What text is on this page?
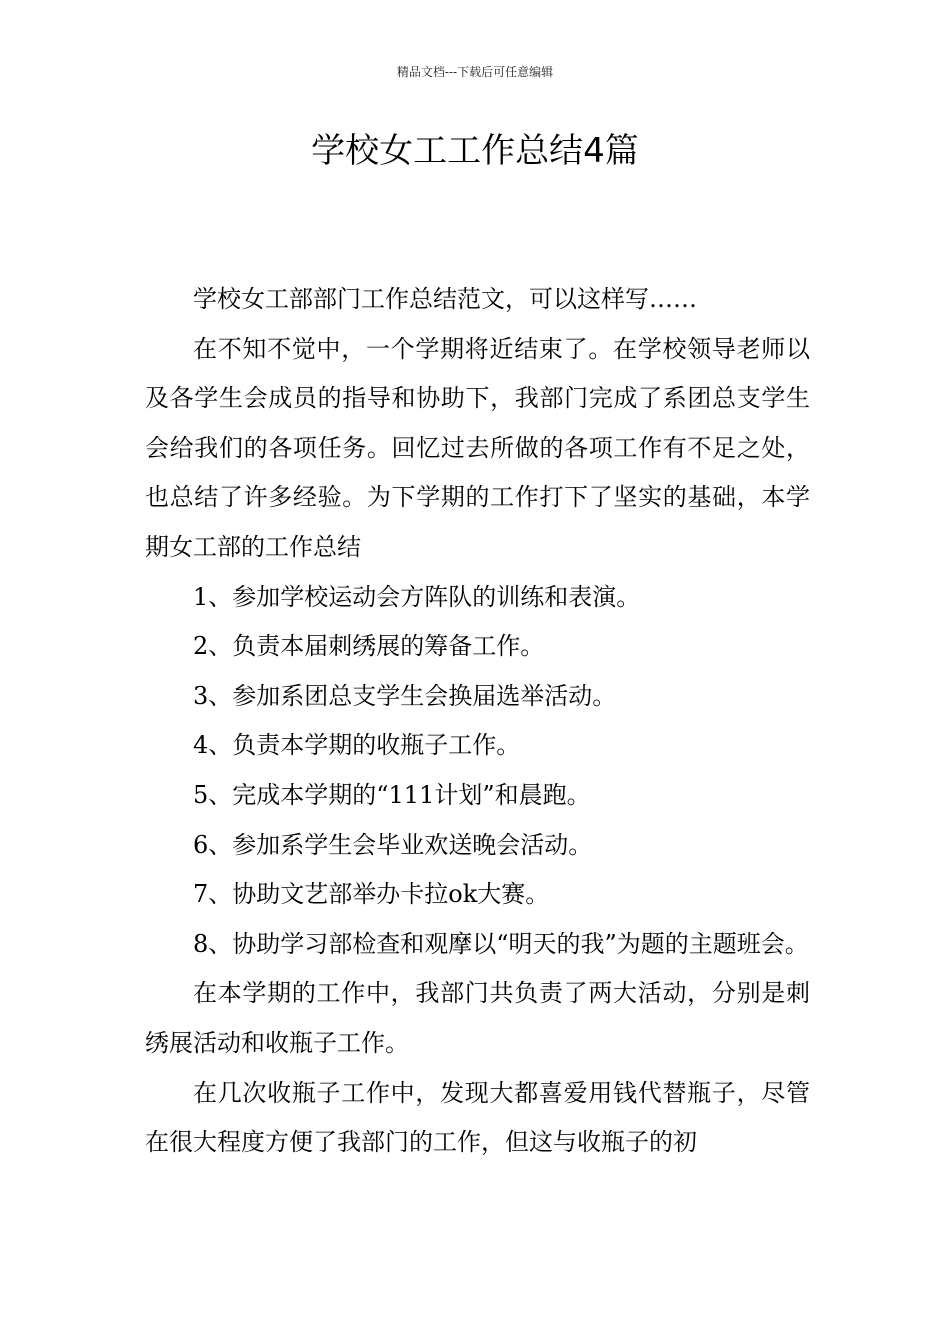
精品文档---下载后可任意编辑
学校女工工作总结4篇

学校女工部部门工作总结范文，可以这样写……

在不知不觉中，一个学期将近结束了。在学校领导老师以及各学生会成员的指导和协助下，我部门完成了系团总支学生会给我们的各项任务。回忆过去所做的各项工作有不足之处，也总结了许多经验。为下学期的工作打下了坚实的基础，本学期女工部的工作总结

1、参加学校运动会方阵队的训练和表演。

2、负责本届刺绣展的筹备工作。

3、参加系团总支学生会换届选举活动。

4、负责本学期的收瓶子工作。

5、完成本学期的“111计划”和晨跑。

6、参加系学生会毕业欢送晚会活动。

7、协助文艺部举办卡拉ok大赛。

8、协助学习部检查和观摩以“明天的我”为题的主题班会。

在本学期的工作中，我部门共负责了两大活动，分别是刺绣展活动和收瓶子工作。

在几次收瓶子工作中，发现大都喜爱用钱代替瓶子，尽管在很大程度方便了我部门的工作，但这与收瓶子的初
